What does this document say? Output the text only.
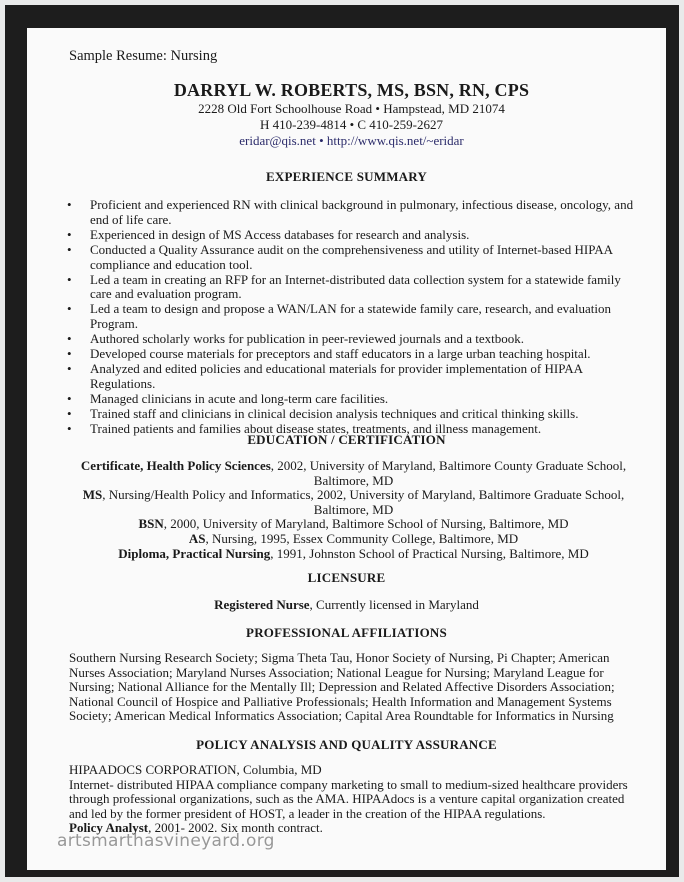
Sample Resume: Nursing
DARRYL W. ROBERTS, MS, BSN, RN, CPS
2228 Old Fort Schoolhouse Road • Hampstead, MD 21074
H 410-239-4814 • C 410-259-2627
eridar@qis.net • http://www.qis.net/~eridar
EXPERIENCE SUMMARY
• Proficient and experienced RN with clinical background in pulmonary, infectious disease, oncology, and end of life care.
• Experienced in design of MS Access databases for research and analysis.
• Conducted a Quality Assurance audit on the comprehensiveness and utility of Internet-based HIPAA compliance and education tool.
• Led a team in creating an RFP for an Internet-distributed data collection system for a statewide family care and evaluation program.
• Led a team to design and propose a WAN/LAN for a statewide family care, research, and evaluation Program.
• Authored scholarly works for publication in peer-reviewed journals and a textbook.
• Developed course materials for preceptors and staff educators in a large urban teaching hospital.
• Analyzed and edited policies and educational materials for provider implementation of HIPAA Regulations.
• Managed clinicians in acute and long-term care facilities.
• Trained staff and clinicians in clinical decision analysis techniques and critical thinking skills.
• Trained patients and families about disease states, treatments, and illness management.
EDUCATION / CERTIFICATION
Certificate, Health Policy Sciences, 2002, University of Maryland, Baltimore County Graduate School,
Baltimore, MD
MS, Nursing/Health Policy and Informatics, 2002, University of Maryland, Baltimore Graduate School,
Baltimore, MD
BSN, 2000, University of Maryland, Baltimore School of Nursing, Baltimore, MD
AS, Nursing, 1995, Essex Community College, Baltimore, MD
Diploma, Practical Nursing, 1991, Johnston School of Practical Nursing, Baltimore, MD
LICENSURE
Registered Nurse, Currently licensed in Maryland
PROFESSIONAL AFFILIATIONS
Southern Nursing Research Society; Sigma Theta Tau, Honor Society of Nursing, Pi Chapter; American Nurses Association; Maryland Nurses Association; National League for Nursing; Maryland League for Nursing; National Alliance for the Mentally Ill; Depression and Related Affective Disorders Association; National Council of Hospice and Palliative Professionals; Health Information and Management Systems Society; American Medical Informatics Association; Capital Area Roundtable for Informatics in Nursing
POLICY ANALYSIS AND QUALITY ASSURANCE
HIPAADOCS CORPORATION, Columbia, MD
Internet- distributed HIPAA compliance company marketing to small to medium-sized healthcare providers through professional organizations, such as the AMA. HIPAAdocs is a venture capital organization created and led by the former president of HOST, a leader in the creation of the HIPAA regulations.
Policy Analyst, 2001- 2002. Six month contract.
artsmarthasvineyard.org
